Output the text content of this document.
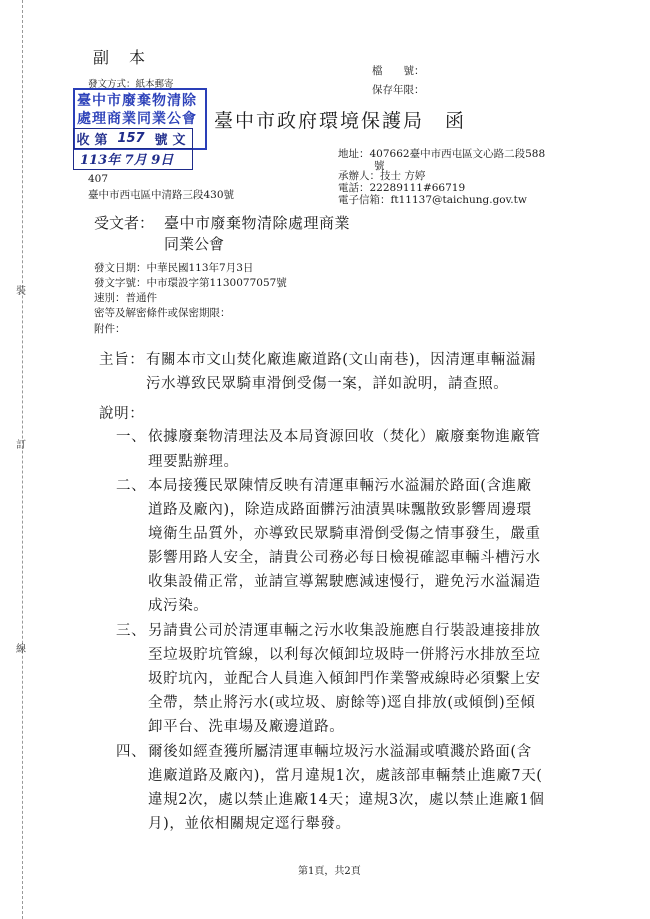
裝
訂
線
副　本
發文方式：紙本郵寄
檔　　號：
保存年限：
臺中市廢棄物清除
處理商業同業公會
收 第 157 號 文
113年 7月 9日
臺中市政府環境保護局　函
地址：407662臺中市西屯區文心路二段588
號
承辦人：技士 方婷
電話：22289111#66719
電子信箱：ft11137@taichung.gov.tw
407
臺中市西屯區中清路三段430號
受文者： 臺中市廢棄物清除處理商業
同業公會
發文日期：中華民國113年7月3日
發文字號：中市環設字第1130077057號
速別：普通件
密等及解密條件或保密期限：
附件：
主旨： 有關本市文山焚化廠進廠道路(文山南巷)，因清運車輛溢漏
污水導致民眾騎車滑倒受傷一案，詳如說明，請查照。
說明：
一、 依據廢棄物清理法及本局資源回收（焚化）廠廢棄物進廠管
理要點辦理。
二、 本局接獲民眾陳情反映有清運車輛污水溢漏於路面(含進廠
道路及廠內)，除造成路面髒污油漬異味飄散致影響周邊環
境衛生品質外，亦導致民眾騎車滑倒受傷之情事發生，嚴重
影響用路人安全，請貴公司務必每日檢視確認車輛斗槽污水
收集設備正常，並請宣導駕駛應減速慢行，避免污水溢漏造
成污染。
三、 另請貴公司於清運車輛之污水收集設施應自行裝設連接排放
至垃圾貯坑管線，以利每次傾卸垃圾時一併將污水排放至垃
圾貯坑內，並配合人員進入傾卸門作業警戒線時必須繫上安
全帶，禁止將污水(或垃圾、廚餘等)逕自排放(或傾倒)至傾
卸平台、洗車場及廠邊道路。
四、 爾後如經查獲所屬清運車輛垃圾污水溢漏或噴濺於路面(含
進廠道路及廠內)，當月違規1次，處該部車輛禁止進廠7天(
違規2次，處以禁止進廠14天；違規3次，處以禁止進廠1個
月)，並依相關規定逕行舉發。
第1頁，共2頁
